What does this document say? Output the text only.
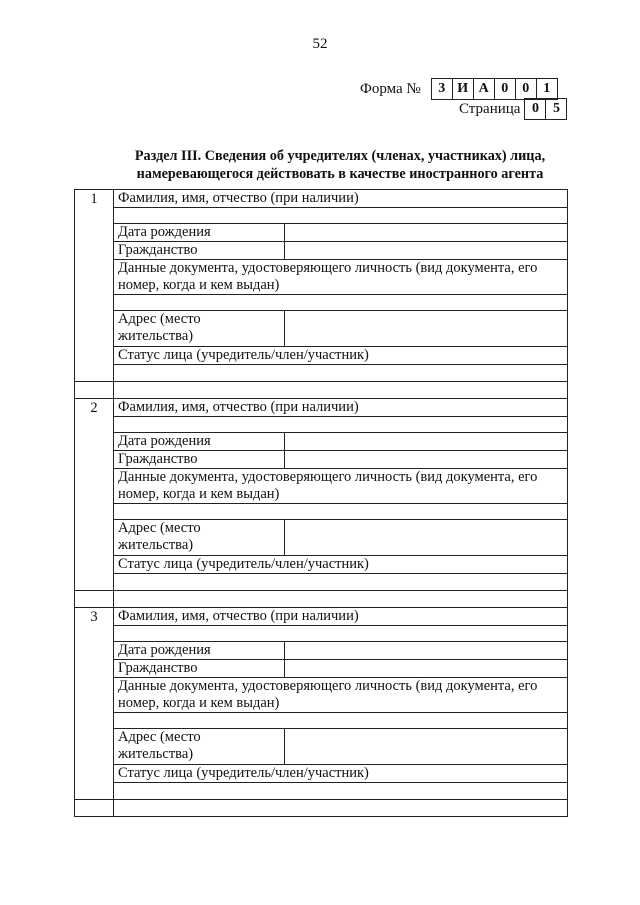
52
Форма №	3 И А 0	0	1
Страница 0	5
Раздел III. Сведения об учредителях (членах, участниках) лица,
намеревающегося действовать в качестве иностранного агента
1	Фамилия, имя, отчество (при наличии)
Дата рождения
Гражданство
Данные документа, удостоверяющего личность (вид документа, его
номер, когда и кем выдан)
Адрес (место
жительства)
Статус лица (учредитель/член/участник)
2	Фамилия, имя, отчество (при наличии)
Дата рождения
Гражданство
Данные документа, удостоверяющего личность (вид документа, его
номер, когда и кем выдан)
Адрес (место
жительства)
Статус лица (учредитель/член/участник)
3	Фамилия, имя, отчество (при наличии)
Дата рождения
Гражданство
Данные документа, удостоверяющего личность (вид документа, его
номер, когда и кем выдан)
Адрес (место
жительства)
Статус лица (учредитель/член/участник)
